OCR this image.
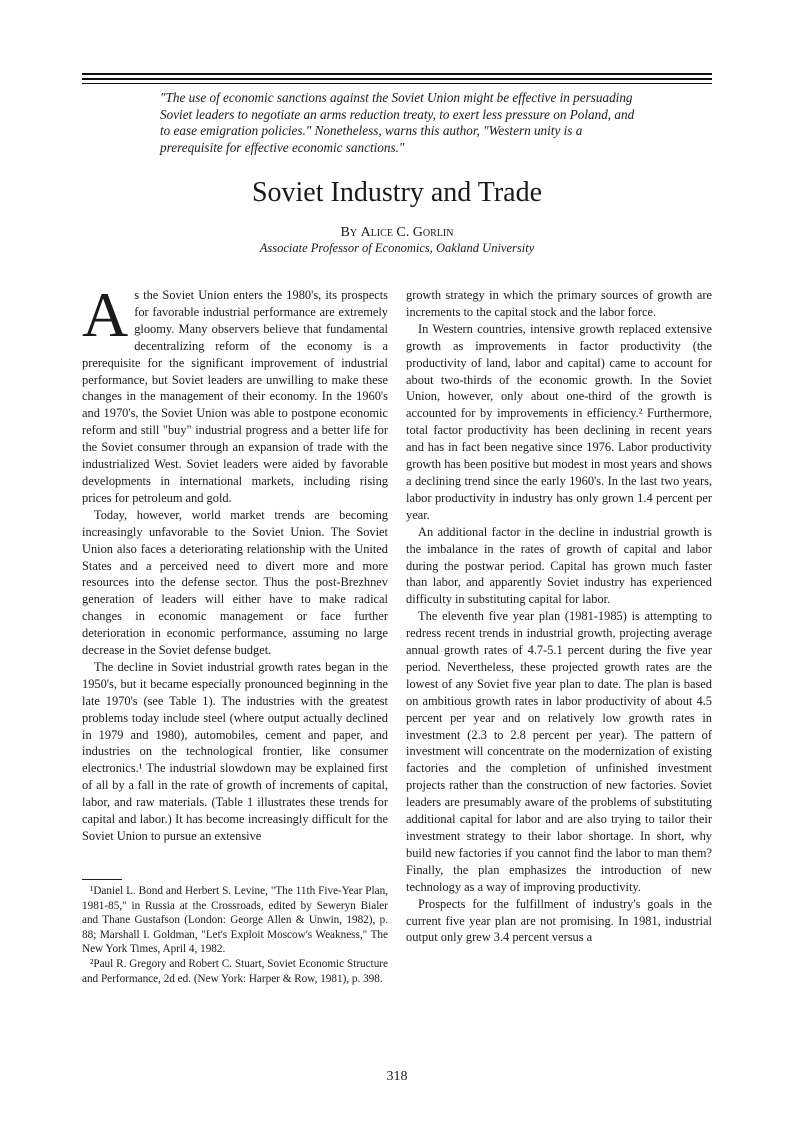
"The use of economic sanctions against the Soviet Union might be effective in persuading Soviet leaders to negotiate an arms reduction treaty, to exert less pressure on Poland, and to ease emigration policies." Nonetheless, warns this author, "Western unity is a prerequisite for effective economic sanctions."
Soviet Industry and Trade
By Alice C. Gorlin
Associate Professor of Economics, Oakland University

As the Soviet Union enters the 1980's, its prospects for favorable industrial performance are extremely gloomy. Many observers believe that fundamental decentralizing reform of the economy is a prerequisite for the significant improvement of industrial performance, but Soviet leaders are unwilling to make these changes in the management of their economy. In the 1960's and 1970's, the Soviet Union was able to postpone economic reform and still "buy" industrial progress and a better life for the Soviet consumer through an expansion of trade with the industrialized West. Soviet leaders were aided by favorable developments in international markets, including rising prices for petroleum and gold.

Today, however, world market trends are becoming increasingly unfavorable to the Soviet Union. The Soviet Union also faces a deteriorating relationship with the United States and a perceived need to divert more and more resources into the defense sector. Thus the post-Brezhnev generation of leaders will either have to make radical changes in economic management or face further deterioration in economic performance, assuming no large decrease in the Soviet defense budget.

The decline in Soviet industrial growth rates began in the 1950's, but it became especially pronounced beginning in the late 1970's (see Table 1). The industries with the greatest problems today include steel (where output actually declined in 1979 and 1980), automobiles, cement and paper, and industries on the technological frontier, like consumer electronics.¹ The industrial slowdown may be explained first of all by a fall in the rate of growth of increments of capital, labor, and raw materials. (Table 1 illustrates these trends for capital and labor.) It has become increasingly difficult for the Soviet Union to pursue an extensive

¹Daniel L. Bond and Herbert S. Levine, "The 11th Five-Year Plan, 1981-85," in Russia at the Crossroads, edited by Seweryn Bialer and Thane Gustafson (London: George Allen & Unwin, 1982), p. 88; Marshall I. Goldman, "Let's Exploit Moscow's Weakness," The New York Times, April 4, 1982.

²Paul R. Gregory and Robert C. Stuart, Soviet Economic Structure and Performance, 2d ed. (New York: Harper & Row, 1981), p. 398.

growth strategy in which the primary sources of growth are increments to the capital stock and the labor force.

In Western countries, intensive growth replaced extensive growth as improvements in factor productivity (the productivity of land, labor and capital) came to account for about two-thirds of the economic growth. In the Soviet Union, however, only about one-third of the growth is accounted for by improvements in efficiency.² Furthermore, total factor productivity has been declining in recent years and has in fact been negative since 1976. Labor productivity growth has been positive but modest in most years and shows a declining trend since the early 1960's. In the last two years, labor productivity in industry has only grown 1.4 percent per year.

An additional factor in the decline in industrial growth is the imbalance in the rates of growth of capital and labor during the postwar period. Capital has grown much faster than labor, and apparently Soviet industry has experienced difficulty in substituting capital for labor.

The eleventh five year plan (1981-1985) is attempting to redress recent trends in industrial growth, projecting average annual growth rates of 4.7-5.1 percent during the five year period. Nevertheless, these projected growth rates are the lowest of any Soviet five year plan to date. The plan is based on ambitious growth rates in labor productivity of about 4.5 percent per year and on relatively low growth rates in investment (2.3 to 2.8 percent per year). The pattern of investment will concentrate on the modernization of existing factories and the completion of unfinished investment projects rather than the construction of new factories. Soviet leaders are presumably aware of the problems of substituting additional capital for labor and are also trying to tailor their investment strategy to their labor shortage. In short, why build new factories if you cannot find the labor to man them? Finally, the plan emphasizes the introduction of new technology as a way of improving productivity.

Prospects for the fulfillment of industry's goals in the current five year plan are not promising. In 1981, industrial output only grew 3.4 percent versus a

318
